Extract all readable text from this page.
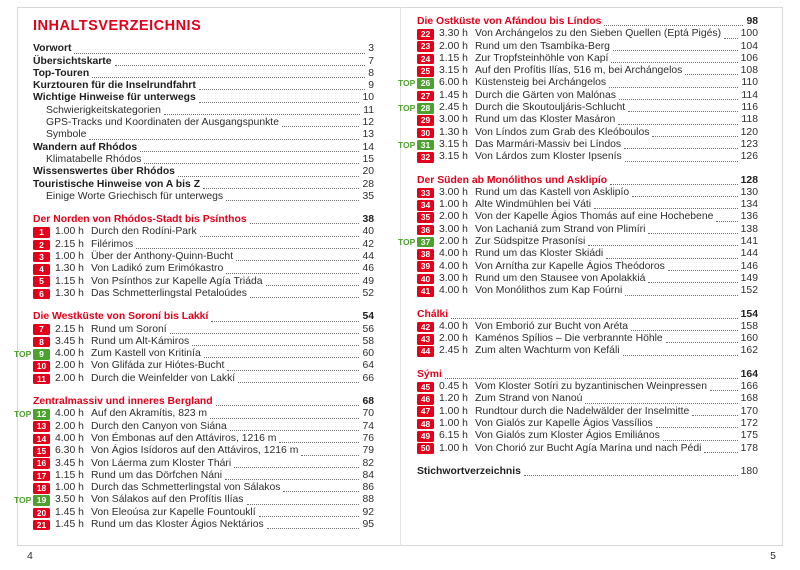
INHALTSVERZEICHNIS
Vorwort	3
Übersichtskarte	7
Top-Touren	8
Kurztouren für die Inselrundfahrt	9
Wichtige Hinweise für unterwegs	10
Schwierigkeitskategorien	11
GPS-Tracks und Koordinaten der Ausgangspunkte	12
Symbole	13
Wandern auf Rhódos	14
Klimatabelle Rhódos	15
Wissenswertes über Rhódos	20
Touristische Hinweise von A bis Z	28
Einige Worte Griechisch für unterwegs	35
Der Norden von Rhódos-Stadt bis Psínthos	38
1	1.00 h Durch den Rodíni-Park	40
2	2.15 h Filérimos	42
3	1.00 h Über der Anthony-Quinn-Bucht	44
4	1.30 h Von Ladikó zum Erimókastro	46
5	1.15 h Von Psínthos zur Kapelle Agía Triáda	49
6	1.30 h Das Schmetterlingstal Petaloúdes	52
Die Westküste von Soroní bis Lakkí	54
7	2.15 h Rund um Soroní	56
8	3.45 h Rund um Alt-Kámiros	58
TOP 9	4.00 h Zum Kastell von Kritinía	60
10 2.00 h Von Glifáda zur Hiótes-Bucht	64
11 2.00 h Durch die Weinfelder von Lakkí	66
Zentralmassiv und inneres Bergland	68
TOP 12 4.00 h Auf den Akramítis, 823 m	70
13 2.00 h Durch den Canyon von Siána	74
14 4.00 h Von Émbonas auf den Attáviros, 1216 m	76
15 6.30 h Von Ágios Isídoros auf den Attáviros, 1216 m	79
16 3.45 h Von Láerma zum Kloster Thári	82
17 1.15 h Rund um das Dörfchen Náni	84
18 1.00 h Durch das Schmetterlingstal von Sálakos	86
TOP 19 3.50 h Von Sálakos auf den Profítis Ilías	88
20 1.45 h Von Eleoúsa zur Kapelle Fountouklí	92
21 1.45 h Rund um das Kloster Ágios Nektários	95
Die Ostküste von Afándou bis Líndos	98
22 3.30 h Von Archángelos zu den Sieben Quellen (Eptá Pigés) 100
23 2.00 h Rund um den Tsambíka-Berg	104
24 1.15 h Zur Tropfsteinhöhle von Kapí	106
25 3.15 h Auf den Profítis Ilías, 516 m, bei Archángelos	108
TOP 26 6.00 h Küstensteig bei Archángelos	110
27 1.45 h Durch die Gärten von Malónas	114
TOP 28 2.45 h Durch die Skoutouljáris-Schlucht	116
29 3.00 h Rund um das Kloster Masáron	118
30 1.30 h Von Líndos zum Grab des Kleóboulos	120
TOP 31 3.15 h Das Marmári-Massiv bei Líndos	123
32 3.15 h Von Lárdos zum Kloster Ipsenís	126
Der Süden ab Monólithos und Asklipío	128
33 3.00 h Rund um das Kastell von Asklipío	130
34 1.00 h Alte Windmühlen bei Váti	134
35 2.00 h Von der Kapelle Ágios Thomás auf eine Hochebene	136
36 3.00 h Von Lachaniá zum Strand von Plimíri	138
TOP 37 2.00 h Zur Südspitze Prasonísi	141
38 4.00 h Rund um das Kloster Skiádi	144
39 4.00 h Von Arnítha zur Kapelle Ágios Theódoros	146
40 3.00 h Rund um den Stausee von Apolakkiá	149
41 4.00 h Von Monólithos zum Kap Foúrni	152
Chálki	154
42 4.00 h Von Emborió zur Bucht von Aréta	158
43 2.00 h Kaménos Spílios – Die verbrannte Höhle	160
44 2.45 h Zum alten Wachturm von Kefáli	162
Sými	164
45 0.45 h Vom Kloster Sotíri zu byzantinischen Weinpressen	166
46 1.20 h Zum Strand von Nanoú	168
47 1.00 h Rundtour durch die Nadelwälder der Inselmitte	170
48 1.00 h Von Gialós zur Kapelle Ágios Vassílios	172
49 6.15 h Von Gialós zum Kloster Ágios Emiliános	175
50 1.00 h Von Chorió zur Bucht Agía Marína und nach Pédi	178
Stichwortverzeichnis	180
4	5
